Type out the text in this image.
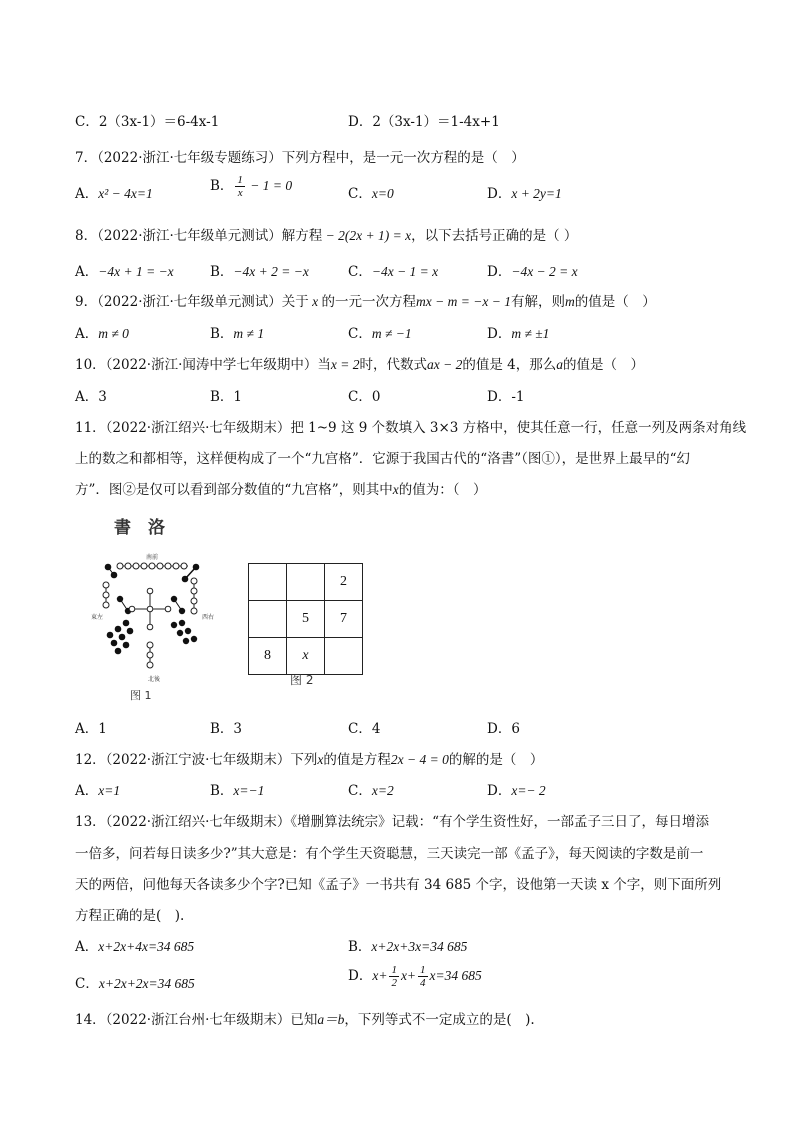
C．2（3x-1）＝6-4x-1	D．2（3x-1）＝1-4x+1
7．（2022·浙江·七年级专题练习）下列方程中，是一元一次方程的是（　）
A．x² − 4x=1	B． $\frac{1}{x} - 1 = 0$
C．x=0	D．x + 2y=1
8．（2022·浙江·七年级单元测试）解方程 − 2(2x + 1) = x，以下去括号正确的是（ ）
A．−4x + 1 = −x	B．−4x + 2 = −x	C．−4x − 1 = x	D．−4x − 2 = x
9．（2022·浙江·七年级单元测试）关于 x 的一元一次方程mx − m = −x − 1有解，则m的值是（　）
A．m ≠ 0	B．m ≠ 1	C．m ≠ −1	D．m ≠ ±1
10．（2022·浙江·闻涛中学七年级期中）当x = 2时，代数式ax − 2的值是 4，那么a的值是（　）
A．3	B．1	C．0	D．-1
11．（2022·浙江绍兴·七年级期末）把 1~9 这 9 个数填入 3×3 方格中，使其任意一行，任意一列及两条对角线
上的数之和都相等，这样便构成了一个“九宫格”．它源于我国古代的“洛書”（图①），是世界上最早的“幻
方”．图②是仅可以看到部分数值的“九宫格”，则其中x的值为：（　）
書　洛
南前
東左	西右
北後
图 1
		2
	5	7
8	x	
图 2
A．1	B．3	C．4	D．6
12．（2022·浙江宁波·七年级期末）下列x的值是方程2x − 4 = 0的解的是（　）
A．x=1	B．x=−1	C．x=2	D．x=− 2
13．（2022·浙江绍兴·七年级期末）《增删算法统宗》记载：“有个学生资性好，一部孟子三日了，每日增添
一倍多，问若每日读多少?”其大意是：有个学生天资聪慧，三天读完一部《孟子》，每天阅读的字数是前一
天的两倍，问他每天各读多少个字?已知《孟子》一书共有 34 685 个字，设他第一天读 x 个字，则下面所列
方程正确的是(　).
A．x+2x+4x=34 685	B．x+2x+3x=34 685
C．x+2x+2x=34 685	D．$x+ \frac{1}{2} x+ \frac{1}{4} x=34$ 685
14．（2022·浙江台州·七年级期末）已知a＝b，下列等式不一定成立的是(　).
